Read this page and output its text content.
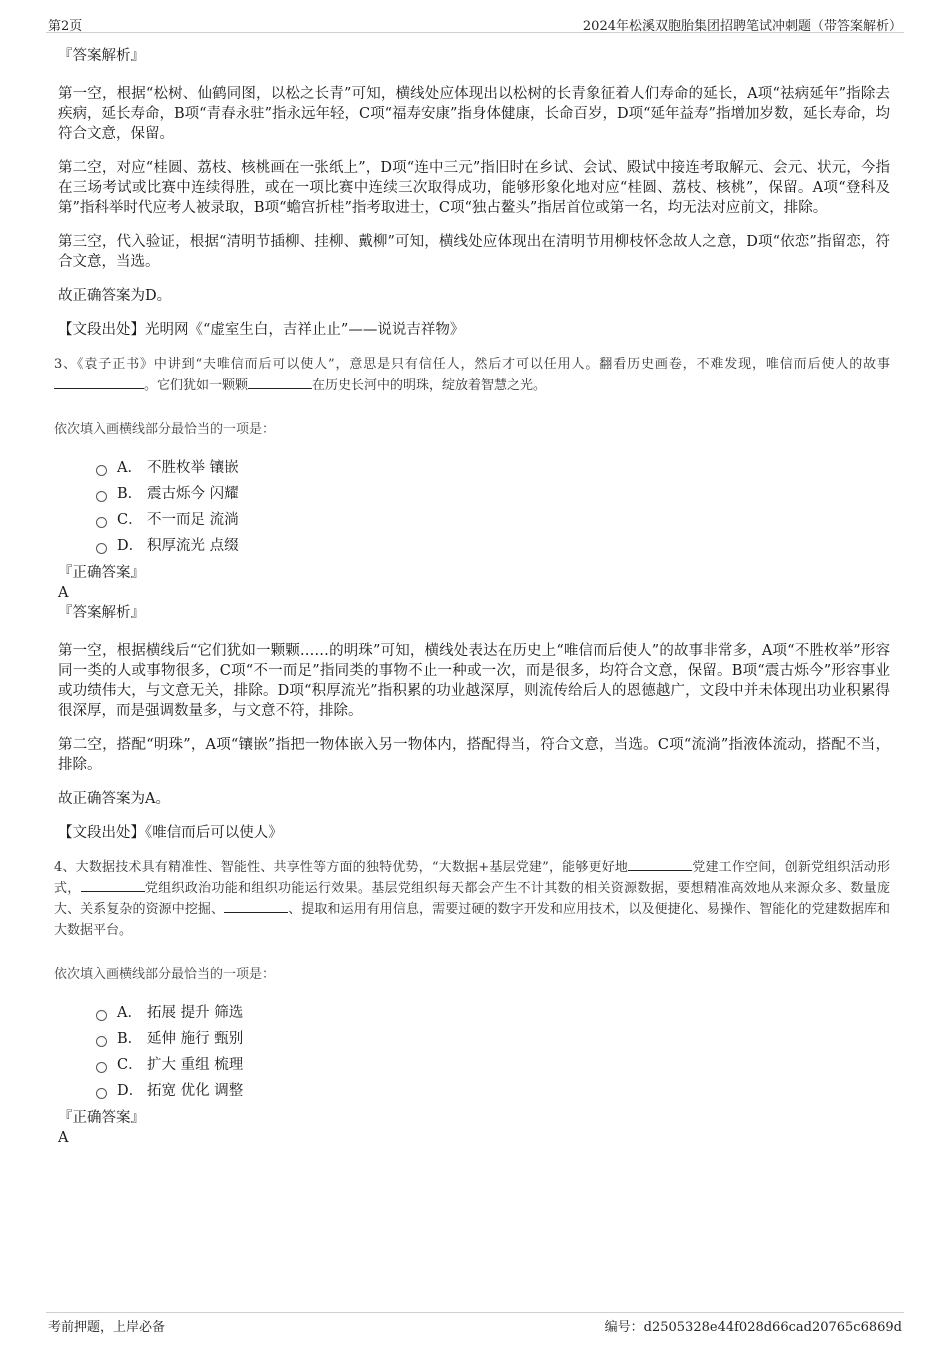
第2页	2024年松溪双胞胎集团招聘笔试冲刺题（带答案解析）
『答案解析』

第一空，根据“松树、仙鹤同图，以松之长青”可知，横线处应体现出以松树的长青象征着人们寿命的延长，A项“祛病延年”指除去疾病，延长寿命，B项“青春永驻”指永远年轻，C项“福寿安康”指身体健康，长命百岁，D项“延年益寿”指增加岁数，延长寿命，均符合文意，保留。

第二空，对应“桂圆、荔枝、核桃画在一张纸上”，D项“连中三元”指旧时在乡试、会试、殿试中接连考取解元、会元、状元，今指在三场考试或比赛中连续得胜，或在一项比赛中连续三次取得成功，能够形象化地对应“桂圆、荔枝、核桃”，保留。A项“登科及第”指科举时代应考人被录取，B项“蟾宫折桂”指考取进士，C项“独占鳌头”指居首位或第一名，均无法对应前文，排除。

第三空，代入验证，根据“清明节插柳、挂柳、戴柳”可知，横线处应体现出在清明节用柳枝怀念故人之意，D项“依恋”指留恋，符合文意，当选。

故正确答案为D。

【文段出处】光明网《“虚室生白，吉祥止止”——说说吉祥物》

3、《袁子正书》中讲到“夫唯信而后可以使人”，意思是只有信任人，然后才可以任用人。翻看历史画卷，不难发现，唯信而后使人的故事。它们犹如一颗颗	在历史长河中的明珠，绽放着智慧之光。

依次填入画横线部分最恰当的一项是：
A． 不胜枚举 镶嵌
B． 震古烁今 闪耀
C． 不一而足 流淌
D． 积厚流光 点缀
『正确答案』
A
『答案解析』

第一空，根据横线后“它们犹如一颗颗……的明珠”可知，横线处表达在历史上“唯信而后使人”的故事非常多，A项“不胜枚举”形容同一类的人或事物很多，C项“不一而足”指同类的事物不止一种或一次，而是很多，均符合文意，保留。B项“震古烁今”形容事业或功绩伟大，与文意无关，排除。D项“积厚流光”指积累的功业越深厚，则流传给后人的恩德越广，文段中并未体现出功业积累得很深厚，而是强调数量多，与文意不符，排除。

第二空，搭配“明珠”，A项“镶嵌”指把一物体嵌入另一物体内，搭配得当，符合文意，当选。C项“流淌”指液体流动，搭配不当，排除。

故正确答案为A。

【文段出处】《唯信而后可以使人》

4、大数据技术具有精准性、智能性、共享性等方面的独特优势，“大数据+基层党建”，能够更好地	党建工作空间，创新党组织活动形式，	党组织政治功能和组织功能运行效果。基层党组织每天都会产生不计其数的相关资源数据，要想精准高效地从来源众多、数量庞大、关系复杂的资源中挖掘、	、提取和运用有用信息，需要过硬的数字开发和应用技术，以及便捷化、易操作、智能化的党建数据库和大数据平台。

依次填入画横线部分最恰当的一项是：
A． 拓展 提升 筛选
B． 延伸 施行 甄别
C． 扩大 重组 梳理
D． 拓宽 优化 调整
『正确答案』
A
考前押题，上岸必备	编号：d2505328e44f028d66cad20765c6869d
